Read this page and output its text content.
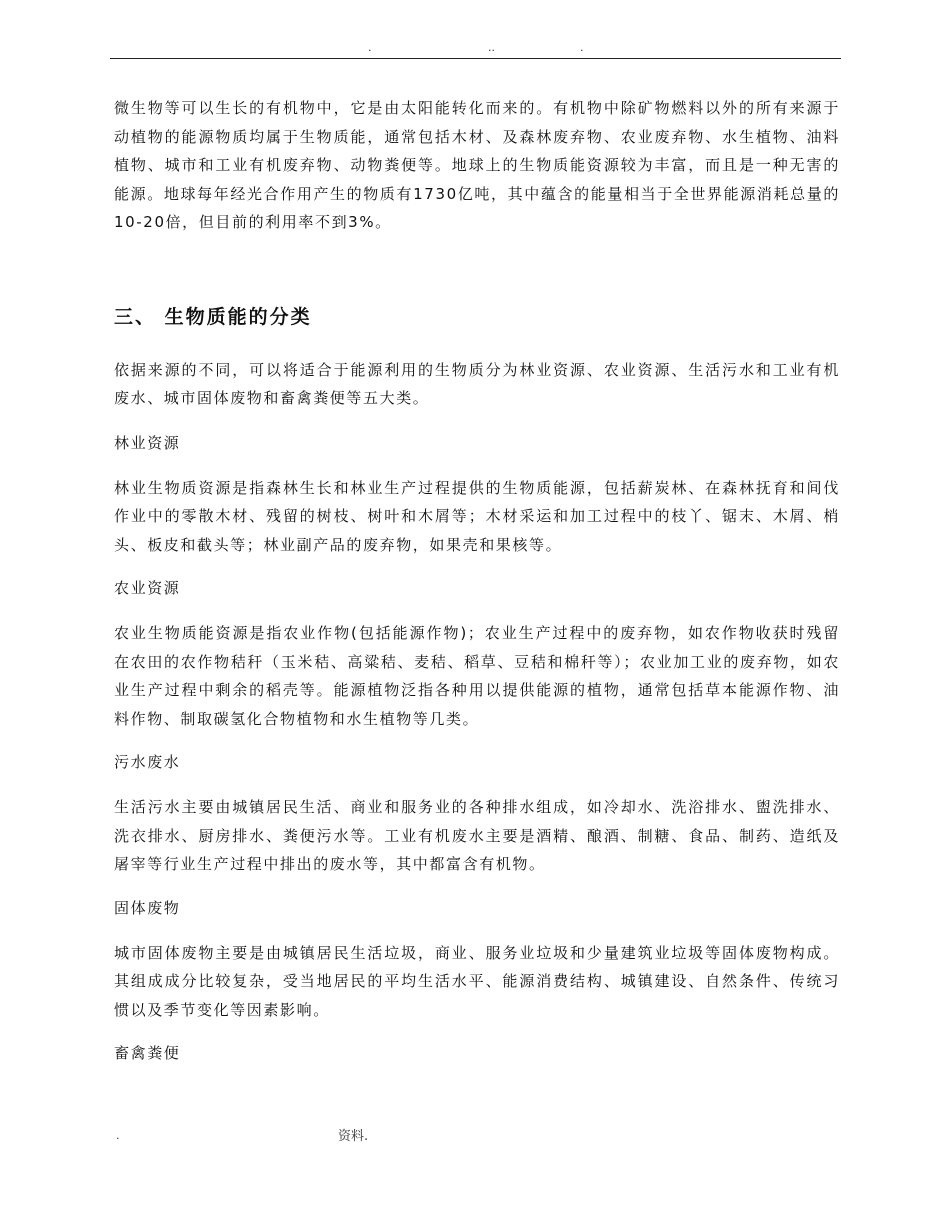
.	..	.

微生物等可以生长的有机物中，它是由太阳能转化而来的。有机物中除矿物燃料以外的所有来源于动植物的能源物质均属于生物质能，通常包括木材、及森林废弃物、农业废弃物、水生植物、油料植物、城市和工业有机废弃物、动物粪便等。地球上的生物质能资源较为丰富，而且是一种无害的能源。地球每年经光合作用产生的物质有1730亿吨，其中蕴含的能量相当于全世界能源消耗总量的10-20倍，但目前的利用率不到3%。

三、 生物质能的分类

依据来源的不同，可以将适合于能源利用的生物质分为林业资源、农业资源、生活污水和工业有机废水、城市固体废物和畜禽粪便等五大类。

林业资源

林业生物质资源是指森林生长和林业生产过程提供的生物质能源，包括薪炭林、在森林抚育和间伐作业中的零散木材、残留的树枝、树叶和木屑等；木材采运和加工过程中的枝丫、锯末、木屑、梢头、板皮和截头等；林业副产品的废弃物，如果壳和果核等。

农业资源

农业生物质能资源是指农业作物(包括能源作物)；农业生产过程中的废弃物，如农作物收获时残留在农田的农作物秸秆（玉米秸、高粱秸、麦秸、稻草、豆秸和棉秆等）；农业加工业的废弃物，如农业生产过程中剩余的稻壳等。能源植物泛指各种用以提供能源的植物，通常包括草本能源作物、油料作物、制取碳氢化合物植物和水生植物等几类。

污水废水

生活污水主要由城镇居民生活、商业和服务业的各种排水组成，如冷却水、洗浴排水、盥洗排水、洗衣排水、厨房排水、粪便污水等。工业有机废水主要是酒精、酿酒、制糖、食品、制药、造纸及屠宰等行业生产过程中排出的废水等，其中都富含有机物。

固体废物

城市固体废物主要是由城镇居民生活垃圾，商业、服务业垃圾和少量建筑业垃圾等固体废物构成。其组成成分比较复杂，受当地居民的平均生活水平、能源消费结构、城镇建设、自然条件、传统习惯以及季节变化等因素影响。

畜禽粪便

.	资料.
